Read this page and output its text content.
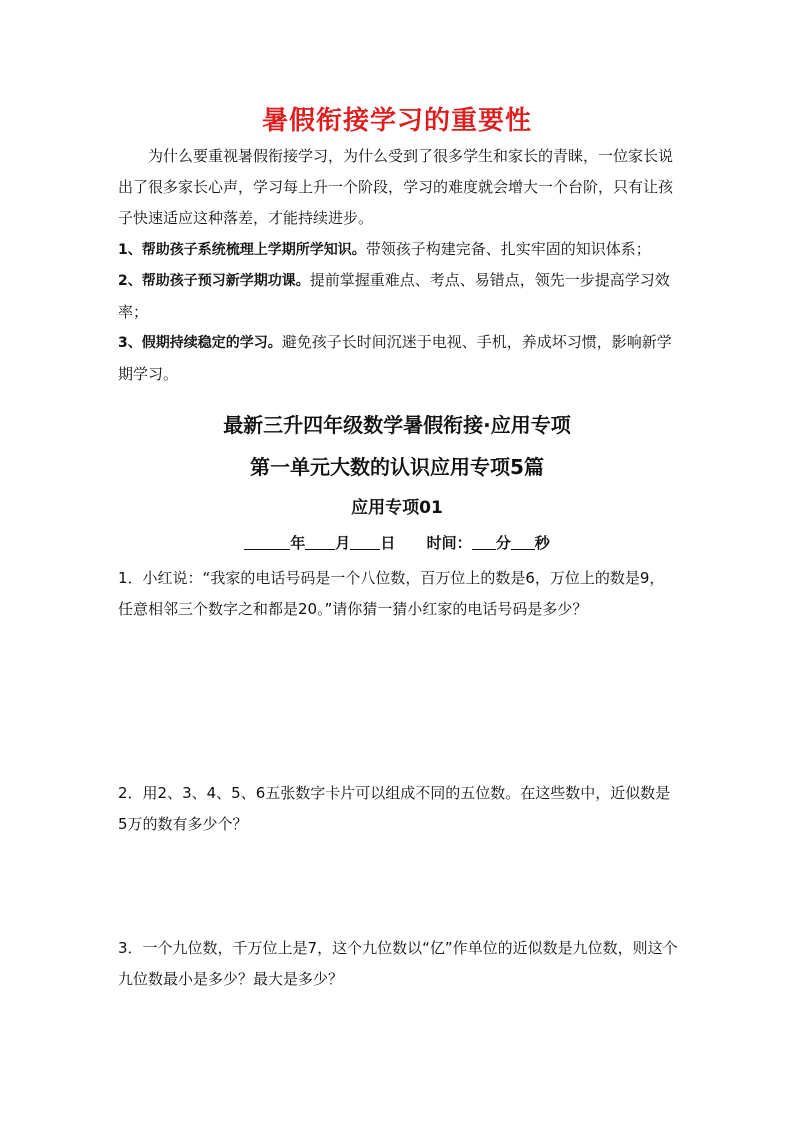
暑假衔接学习的重要性
为什么要重视暑假衔接学习，为什么受到了很多学生和家长的青睐，一位家长说出了很多家长心声，学习每上升一个阶段，学习的难度就会增大一个台阶，只有让孩子快速适应这种落差，才能持续进步。
1、帮助孩子系统梳理上学期所学知识。带领孩子构建完备、扎实牢固的知识体系；
2、帮助孩子预习新学期功课。提前掌握重难点、考点、易错点，领先一步提高学习效率；
3、假期持续稳定的学习。避免孩子长时间沉迷于电视、手机，养成坏习惯，影响新学期学习。
最新三升四年级数学暑假衔接·应用专项
第一单元大数的认识应用专项5篇
应用专项01
年 月 日 时间： 分 秒
1．小红说：“我家的电话号码是一个八位数，百万位上的数是6，万位上的数是9，任意相邻三个数字之和都是20。”请你猜一猜小红家的电话号码是多少？
2．用2、3、4、5、6五张数字卡片可以组成不同的五位数。在这些数中，近似数是5万的数有多少个？
3．一个九位数，千万位上是7，这个九位数以“亿”作单位的近似数是九位数，则这个九位数最小是多少？最大是多少？
